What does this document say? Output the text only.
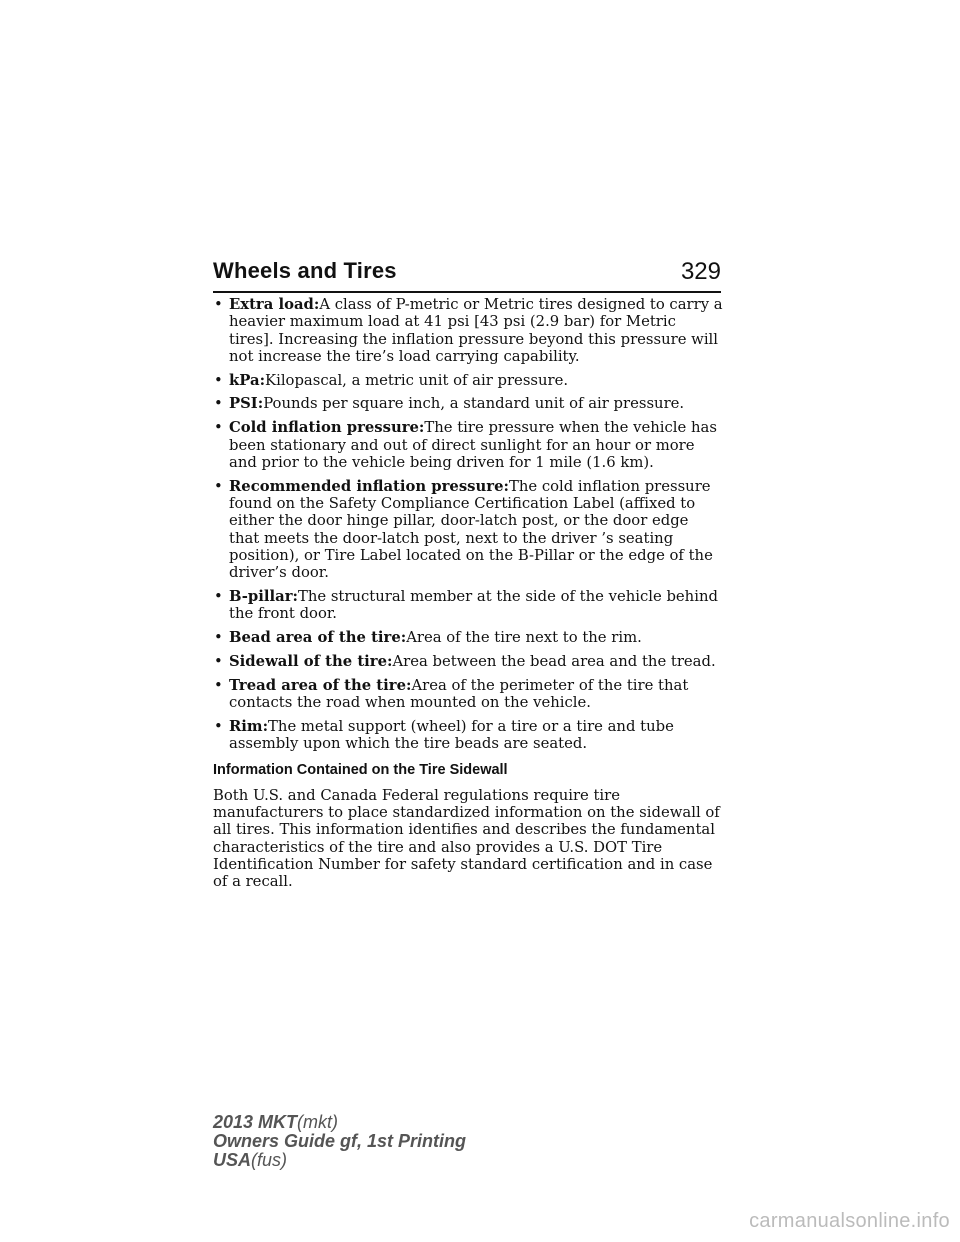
Wheels and Tires	329
• Extra load:A class of P-metric or Metric tires designed to carry a heavier maximum load at 41 psi [43 psi (2.9 bar) for Metric tires]. Increasing the inflation pressure beyond this pressure will not increase the tire’s load carrying capability.
• kPa:Kilopascal, a metric unit of air pressure.
• PSI:Pounds per square inch, a standard unit of air pressure.
• Cold inflation pressure:The tire pressure when the vehicle has been stationary and out of direct sunlight for an hour or more and prior to the vehicle being driven for 1 mile (1.6 km).
• Recommended inflation pressure:The cold inflation pressure found on the Safety Compliance Certification Label (affixed to either the door hinge pillar, door-latch post, or the door edge that meets the door-latch post, next to the driver ’s seating position), or Tire Label located on the B-Pillar or the edge of the driver’s door.
• B-pillar:The structural member at the side of the vehicle behind the front door.
• Bead area of the tire:Area of the tire next to the rim.
• Sidewall of the tire:Area between the bead area and the tread.
• Tread area of the tire:Area of the perimeter of the tire that contacts the road when mounted on the vehicle.
• Rim:The metal support (wheel) for a tire or a tire and tube assembly upon which the tire beads are seated.
Information Contained on the Tire Sidewall

Both U.S. and Canada Federal regulations require tire manufacturers to place standardized information on the sidewall of all tires. This information identifies and describes the fundamental characteristics of the tire and also provides a U.S. DOT Tire Identification Number for safety standard certification and in case of a recall.

2013 MKT(mkt)
Owners Guide gf, 1st Printing
USA(fus)
carmanualsonline.info
